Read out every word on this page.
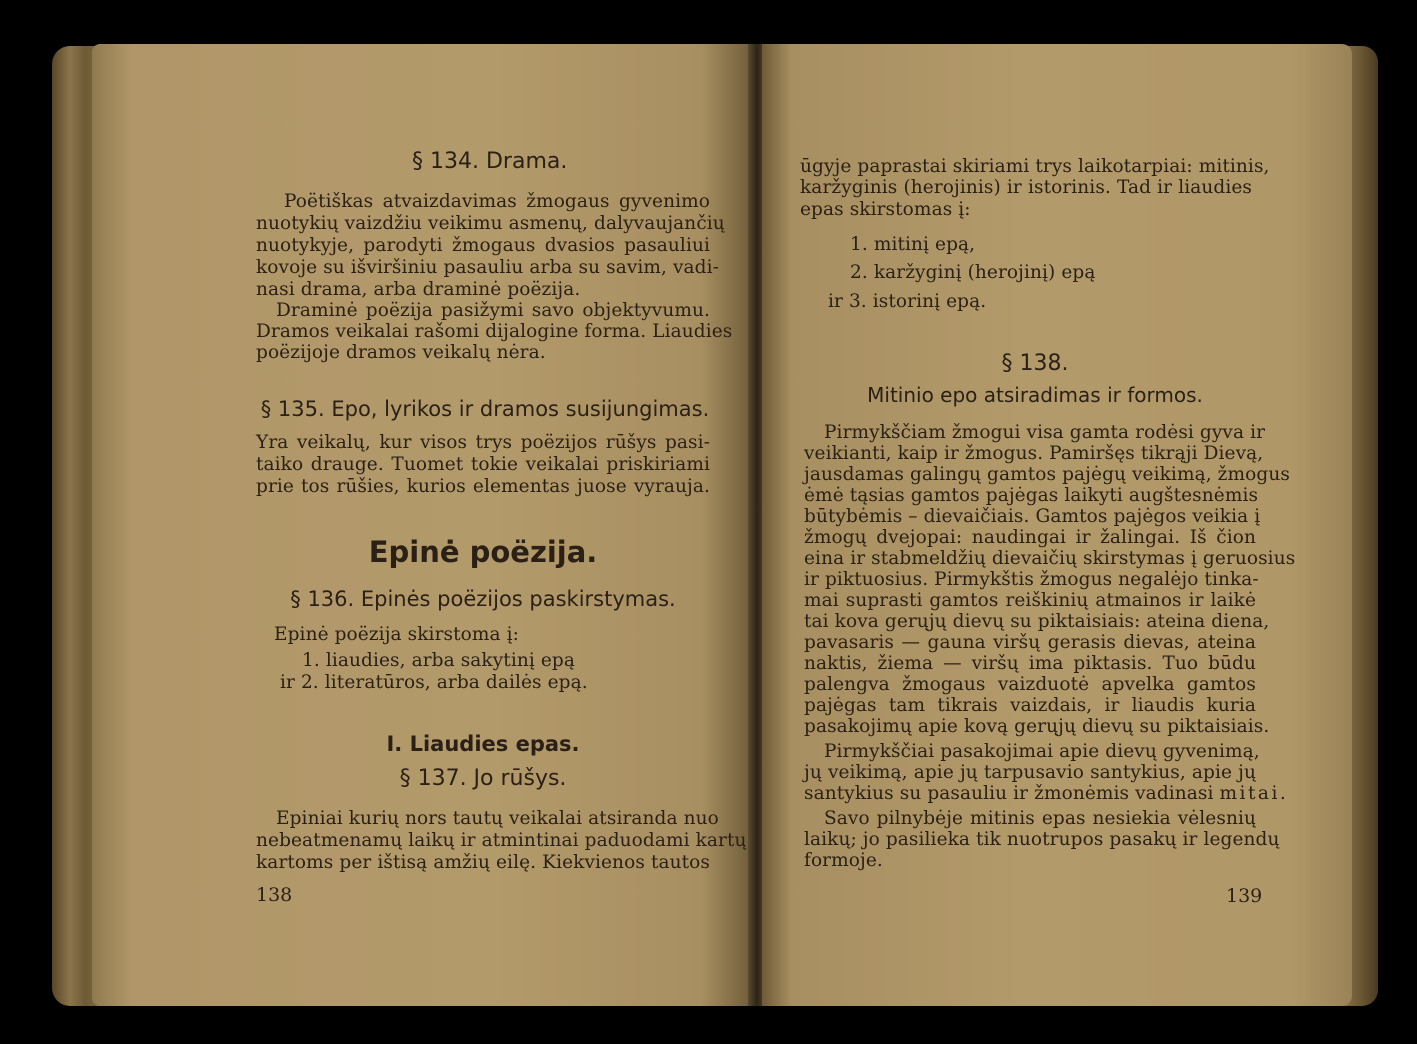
§ 134. Drama.
Poëtiškas atvaizdavimas žmogaus gyvenimo
nuotykių vaizdžiu veikimu asmenų, dalyvaujančių
nuotykyje, parodyti žmogaus dvasios pasauliui
kovoje su išviršiniu pasauliu arba su savim, vadi-
nasi drama, arba draminė poëzija.
Draminė poëzija pasižymi savo objektyvumu.
Dramos veikalai rašomi dijalogine forma. Liaudies
poëzijoje dramos veikalų nėra.
§ 135. Epo, lyrikos ir dramos susijungimas.
Yra veikalų, kur visos trys poëzijos rūšys pasi-
taiko drauge. Tuomet tokie veikalai priskiriami
prie tos rūšies, kurios elementas juose vyrauja.
Epinė poëzija.
§ 136. Epinės poëzijos paskirstymas.
Epinė poëzija skirstoma į:
1. liaudies, arba sakytinį epą
ir 2. literatūros, arba dailės epą.
I. Liaudies epas.
§ 137. Jo rūšys.
Epiniai kurių nors tautų veikalai atsiranda nuo
nebeatmenamų laikų ir atmintinai paduodami kartų
kartoms per ištisą amžių eilę. Kiekvienos tautos
138
ūgyje paprastai skiriami trys laikotarpiai: mitinis,
karžyginis (herojinis) ir istorinis. Tad ir liaudies
epas skirstomas į:
1. mitinį epą,
2. karžyginį (herojinį) epą
ir 3. istorinį epą.
§ 138.
Mitinio epo atsiradimas ir formos.
Pirmykščiam žmogui visa gamta rodėsi gyva ir
veikianti, kaip ir žmogus. Pamiršęs tikrąji Dievą,
jausdamas galingų gamtos pajėgų veikimą, žmogus
ėmė tąsias gamtos pajėgas laikyti augštesnėmis
būtybėmis – dievaičiais. Gamtos pajėgos veikia į
žmogų dvejopai: naudingai ir žalingai. Iš čion
eina ir stabmeldžių dievaičių skirstymas į geruosius
ir piktuosius. Pirmykštis žmogus negalėjo tinka-
mai suprasti gamtos reiškinių atmainos ir laikė
tai kova gerųjų dievų su piktaisiais: ateina diena,
pavasaris — gauna viršų gerasis dievas, ateina
naktis, žiema — viršų ima piktasis. Tuo būdu
palengva žmogaus vaizduotė apvelka gamtos
pajėgas tam tikrais vaizdais, ir liaudis kuria
pasakojimų apie kovą gerųjų dievų su piktaisiais.
Pirmykščiai pasakojimai apie dievų gyvenimą,
jų veikimą, apie jų tarpusavio santykius, apie jų
santykius su pasauliu ir žmonėmis vadinasi mitai.
Savo pilnybėje mitinis epas nesiekia vėlesnių
laikų; jo pasilieka tik nuotrupos pasakų ir legendų
formoje.
139
